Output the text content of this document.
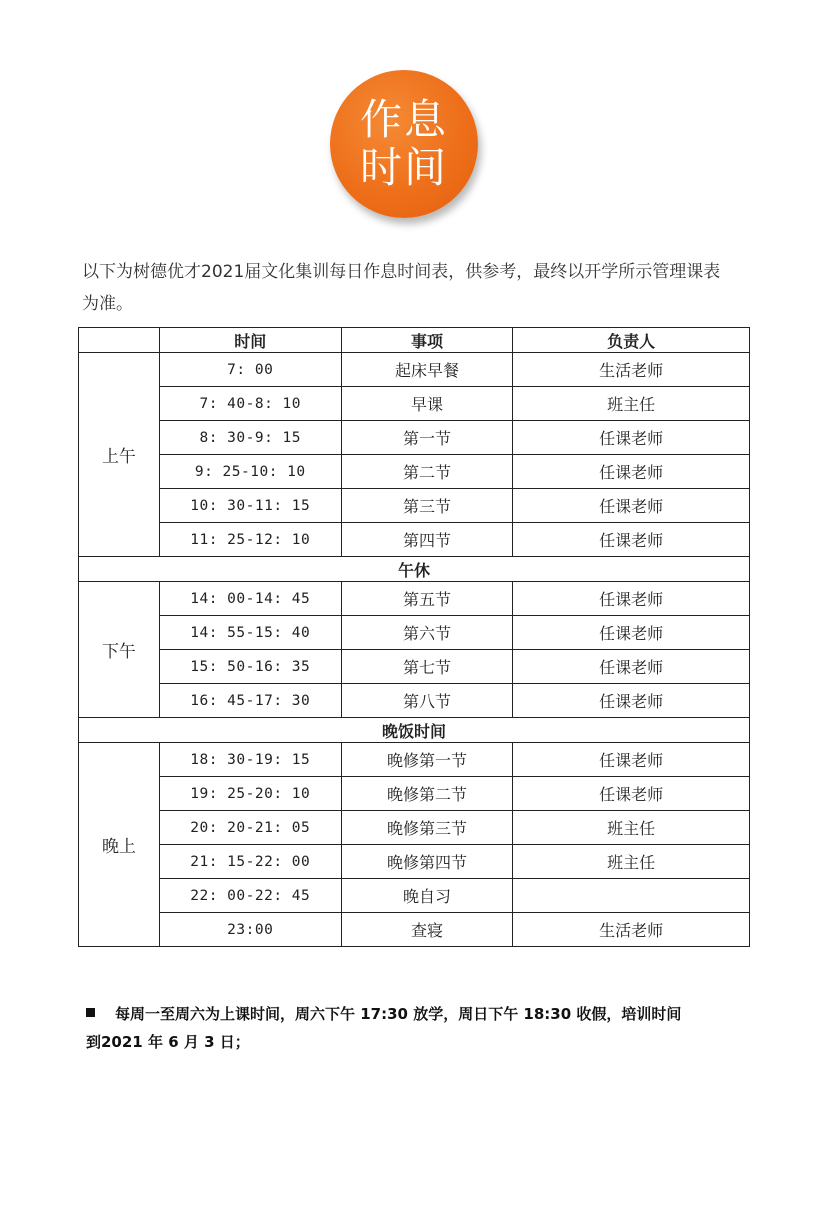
作息
时间
以下为树德优才2021届文化集训每日作息时间表，供参考，最终以开学所示管理课表
为准。
	时间	事项	负责人
上午	7: 00	起床早餐	生活老师
	7: 40-8: 10	早课	班主任
	8: 30-9: 15	第一节	任课老师
	9: 25-10: 10	第二节	任课老师
	10: 30-11: 15	第三节	任课老师
	11: 25-12: 10	第四节	任课老师
午休			
下午	14: 00-14: 45	第五节	任课老师
	14: 55-15: 40	第六节	任课老师
	15: 50-16: 35	第七节	任课老师
	16: 45-17: 30	第八节	任课老师
晚饭时间			
晚上	18: 30-19: 15	晚修第一节	任课老师
	19: 25-20: 10	晚修第二节	任课老师
	20: 20-21: 05	晚修第三节	班主任
	21: 15-22: 00	晚修第四节	班主任
	22: 00-22: 45	晚自习	
	23:00	查寝	生活老师
每周一至周六为上课时间，周六下午 17:30 放学，周日下午 18:30 收假，培训时间
到2021 年 6 月 3 日；
